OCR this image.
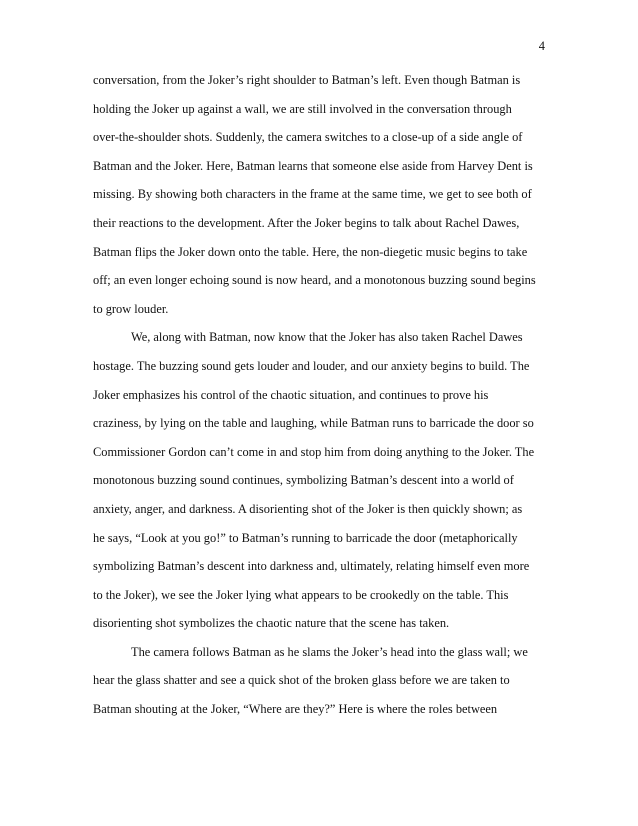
4
conversation, from the Joker’s right shoulder to Batman’s left. Even though Batman is
holding the Joker up against a wall, we are still involved in the conversation through
over-the-shoulder shots. Suddenly, the camera switches to a close-up of a side angle of
Batman and the Joker. Here, Batman learns that someone else aside from Harvey Dent is
missing. By showing both characters in the frame at the same time, we get to see both of
their reactions to the development. After the Joker begins to talk about Rachel Dawes,
Batman flips the Joker down onto the table. Here, the non-diegetic music begins to take
off; an even longer echoing sound is now heard, and a monotonous buzzing sound begins
to grow louder.
We, along with Batman, now know that the Joker has also taken Rachel Dawes
hostage. The buzzing sound gets louder and louder, and our anxiety begins to build. The
Joker emphasizes his control of the chaotic situation, and continues to prove his
craziness, by lying on the table and laughing, while Batman runs to barricade the door so
Commissioner Gordon can’t come in and stop him from doing anything to the Joker. The
monotonous buzzing sound continues, symbolizing Batman’s descent into a world of
anxiety, anger, and darkness. A disorienting shot of the Joker is then quickly shown; as
he says, “Look at you go!” to Batman’s running to barricade the door (metaphorically
symbolizing Batman’s descent into darkness and, ultimately, relating himself even more
to the Joker), we see the Joker lying what appears to be crookedly on the table. This
disorienting shot symbolizes the chaotic nature that the scene has taken.
The camera follows Batman as he slams the Joker’s head into the glass wall; we
hear the glass shatter and see a quick shot of the broken glass before we are taken to
Batman shouting at the Joker, “Where are they?” Here is where the roles between
